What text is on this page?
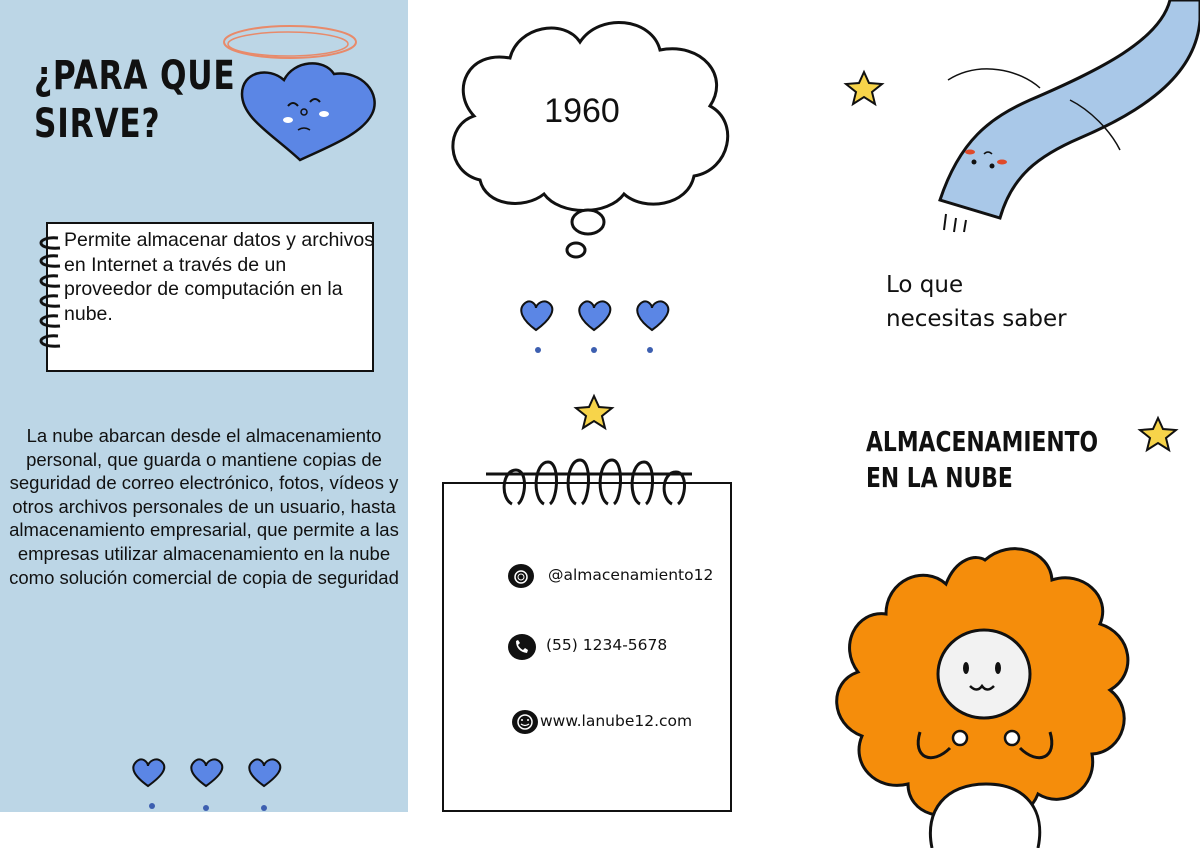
¿PARA QUE
SIRVE?
Permite almacenar datos y archivos en Internet a través de un proveedor de computación en la nube.
La nube abarcan desde el almacenamiento personal, que guarda o mantiene copias de seguridad de correo electrónico, fotos, vídeos y otros archivos personales de un usuario, hasta almacenamiento empresarial, que permite a las empresas utilizar almacenamiento en la nube como solución comercial de copia de seguridad
1960
@almacenamiento12
(55) 1234-5678
www.lanube12.com
Lo que
necesitas saber
ALMACENAMIENTO
EN LA NUBE
